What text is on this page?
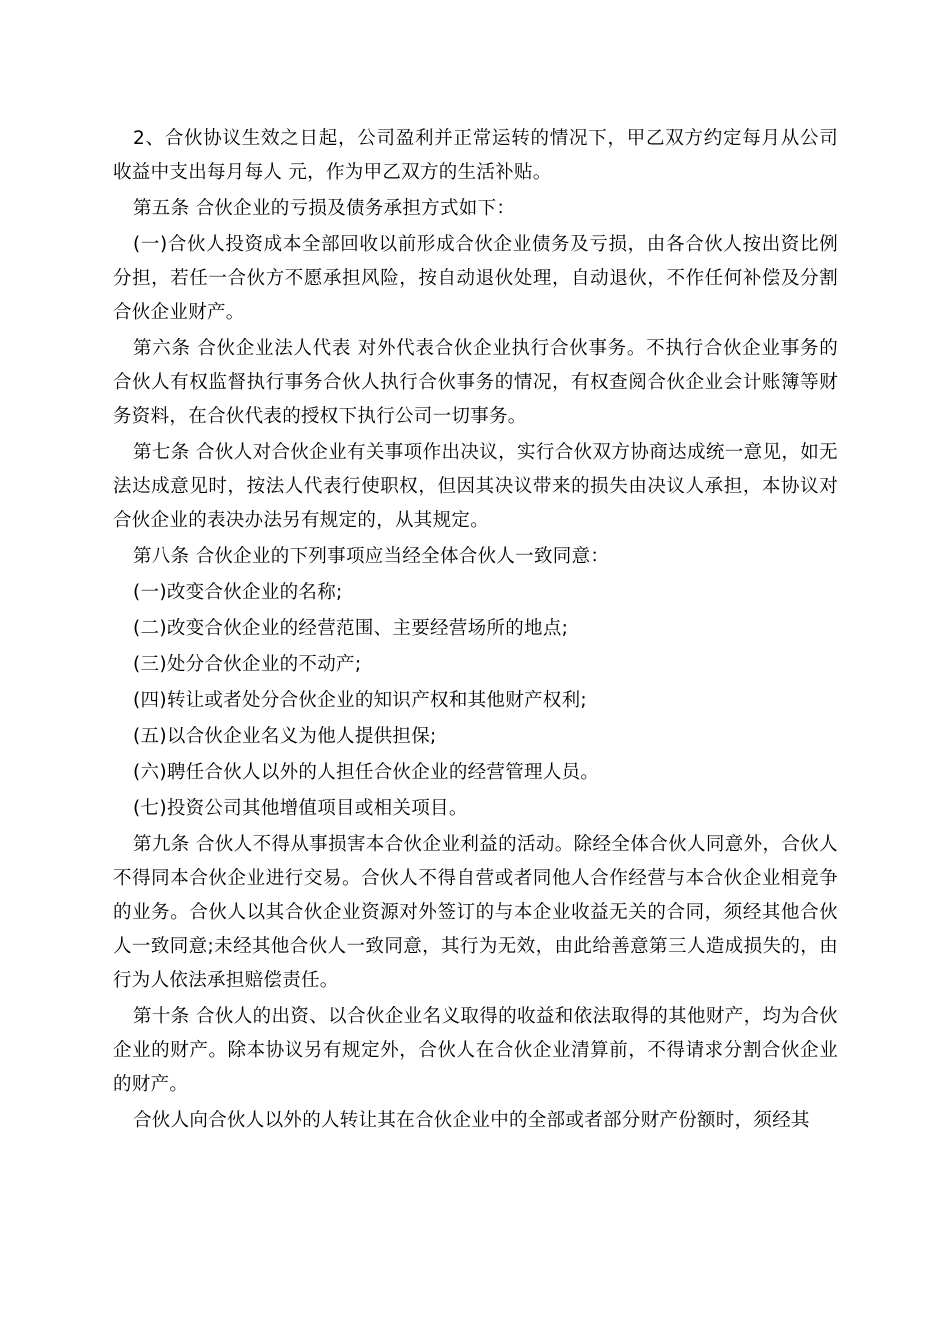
2、合伙协议生效之日起，公司盈利并正常运转的情况下，甲乙双方约定每月从公司收益中支出每月每人 元，作为甲乙双方的生活补贴。

第五条 合伙企业的亏损及债务承担方式如下：

(一)合伙人投资成本全部回收以前形成合伙企业债务及亏损，由各合伙人按出资比例分担，若任一合伙方不愿承担风险，按自动退伙处理，自动退伙，不作任何补偿及分割合伙企业财产。

第六条 合伙企业法人代表 对外代表合伙企业执行合伙事务。不执行合伙企业事务的合伙人有权监督执行事务合伙人执行合伙事务的情况，有权查阅合伙企业会计账簿等财务资料，在合伙代表的授权下执行公司一切事务。

第七条 合伙人对合伙企业有关事项作出决议，实行合伙双方协商达成统一意见，如无法达成意见时，按法人代表行使职权，但因其决议带来的损失由决议人承担，本协议对合伙企业的表决办法另有规定的，从其规定。

第八条 合伙企业的下列事项应当经全体合伙人一致同意：

(一)改变合伙企业的名称;

(二)改变合伙企业的经营范围、主要经营场所的地点;

(三)处分合伙企业的不动产;

(四)转让或者处分合伙企业的知识产权和其他财产权利;

(五)以合伙企业名义为他人提供担保;

(六)聘任合伙人以外的人担任合伙企业的经营管理人员。

(七)投资公司其他增值项目或相关项目。

第九条 合伙人不得从事损害本合伙企业利益的活动。除经全体合伙人同意外，合伙人不得同本合伙企业进行交易。合伙人不得自营或者同他人合作经营与本合伙企业相竞争的业务。合伙人以其合伙企业资源对外签订的与本企业收益无关的合同，须经其他合伙人一致同意;未经其他合伙人一致同意，其行为无效，由此给善意第三人造成损失的，由行为人依法承担赔偿责任。

第十条 合伙人的出资、以合伙企业名义取得的收益和依法取得的其他财产，均为合伙企业的财产。除本协议另有规定外，合伙人在合伙企业清算前，不得请求分割合伙企业的财产。

合伙人向合伙人以外的人转让其在合伙企业中的全部或者部分财产份额时，须经其
